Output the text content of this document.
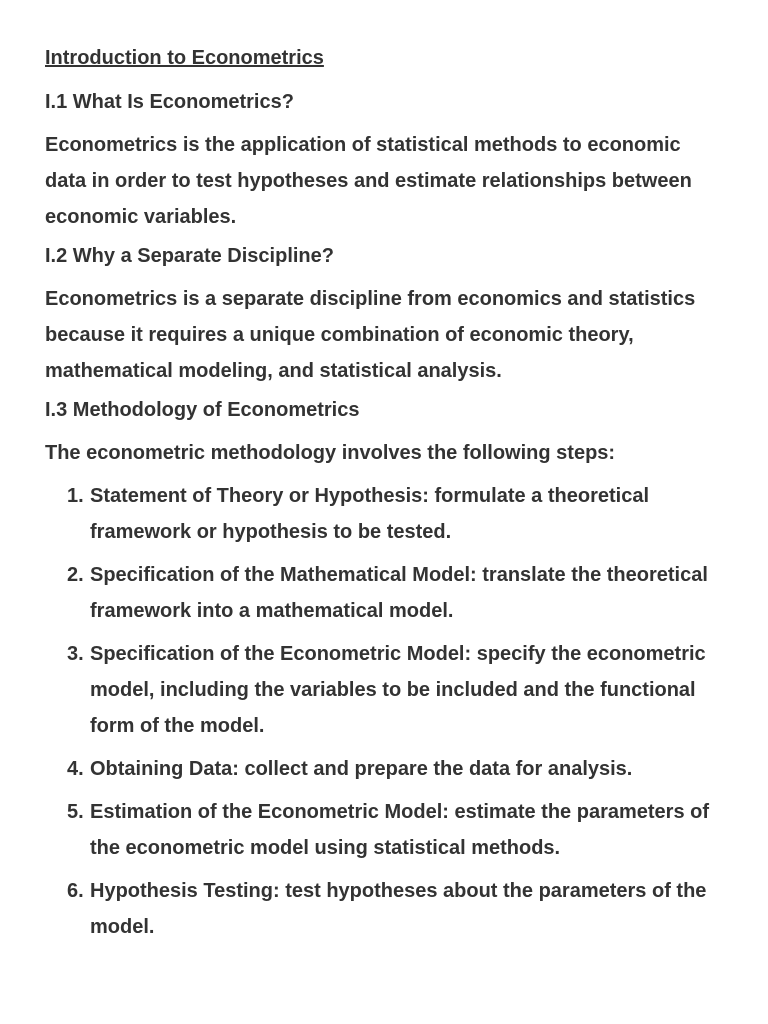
Introduction to Econometrics
I.1 What Is Econometrics?
Econometrics is the application of statistical methods to economic data in order to test hypotheses and estimate relationships between economic variables.
I.2 Why a Separate Discipline?
Econometrics is a separate discipline from economics and statistics because it requires a unique combination of economic theory, mathematical modeling, and statistical analysis.
I.3 Methodology of Econometrics
The econometric methodology involves the following steps:
1. Statement of Theory or Hypothesis: formulate a theoretical framework or hypothesis to be tested.
2. Specification of the Mathematical Model: translate the theoretical framework into a mathematical model.
3. Specification of the Econometric Model: specify the econometric model, including the variables to be included and the functional form of the model.
4. Obtaining Data: collect and prepare the data for analysis.
5. Estimation of the Econometric Model: estimate the parameters of the econometric model using statistical methods.
6. Hypothesis Testing: test hypotheses about the parameters of the model.
